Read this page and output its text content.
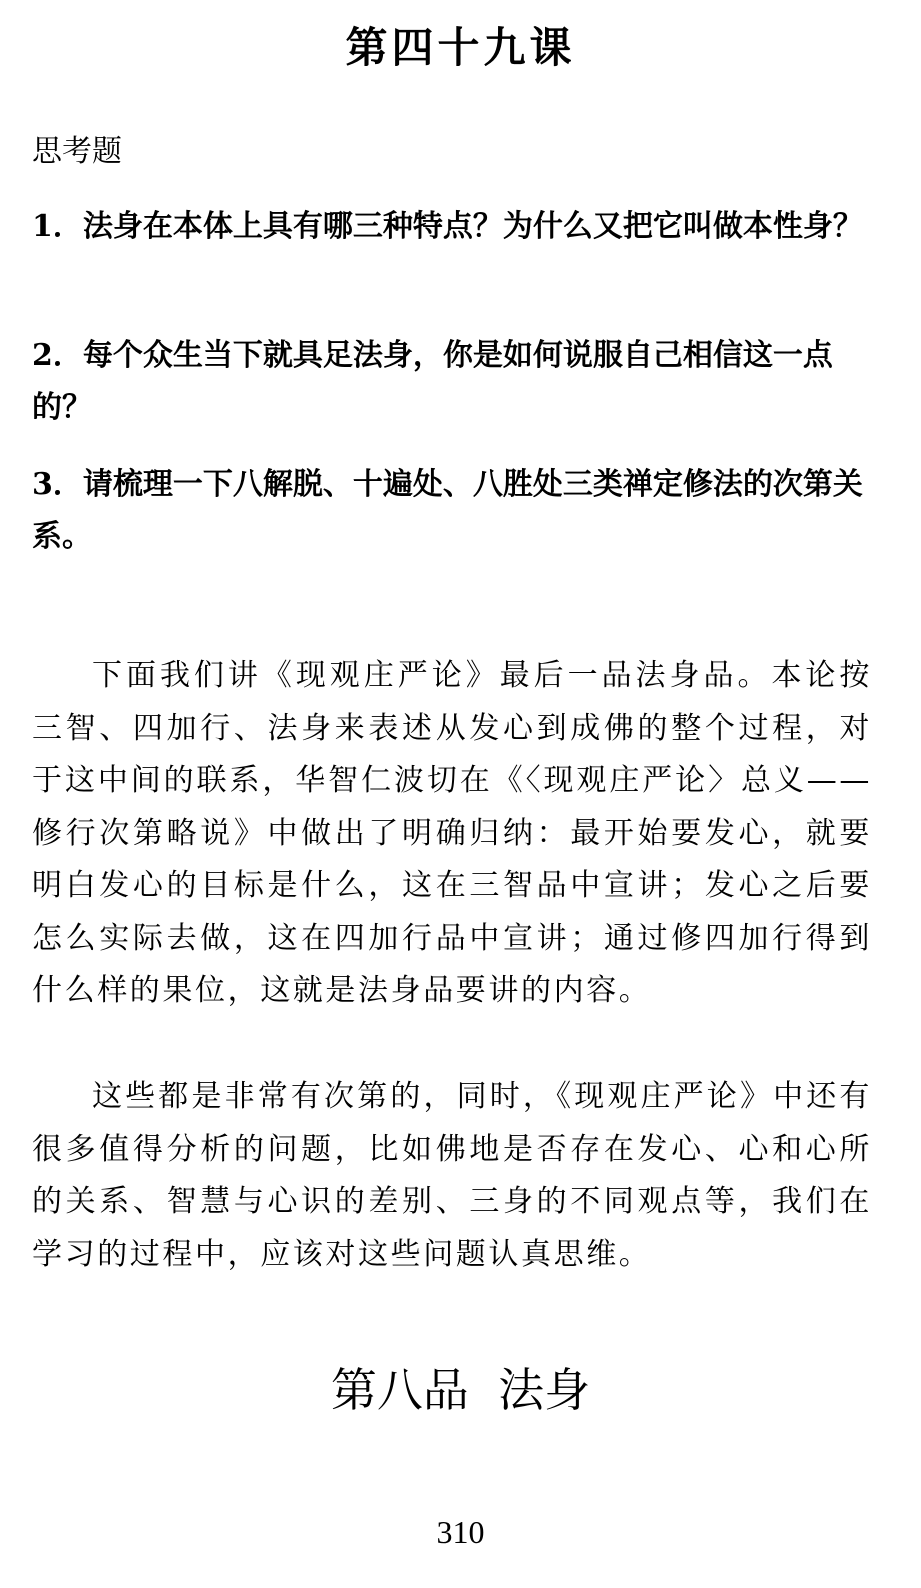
第四十九课
思考题
1．法身在本体上具有哪三种特点？为什么又把它叫做本性身？
2．每个众生当下就具足法身，你是如何说服自己相信这一点的？
3．请梳理一下八解脱、十遍处、八胜处三类禅定修法的次第关系。

下面我们讲《现观庄严论》最后一品法身品。本论按三智、四加行、法身来表述从发心到成佛的整个过程，对于这中间的联系，华智仁波切在《〈现观庄严论〉总义——修行次第略说》中做出了明确归纳：最开始要发心，就要明白发心的目标是什么，这在三智品中宣讲；发心之后要怎么实际去做，这在四加行品中宣讲；通过修四加行得到什么样的果位，这就是法身品要讲的内容。

这些都是非常有次第的，同时，《现观庄严论》中还有很多值得分析的问题，比如佛地是否存在发心、心和心所的关系、智慧与心识的差别、三身的不同观点等，我们在学习的过程中，应该对这些问题认真思维。

第八品  法身
310
